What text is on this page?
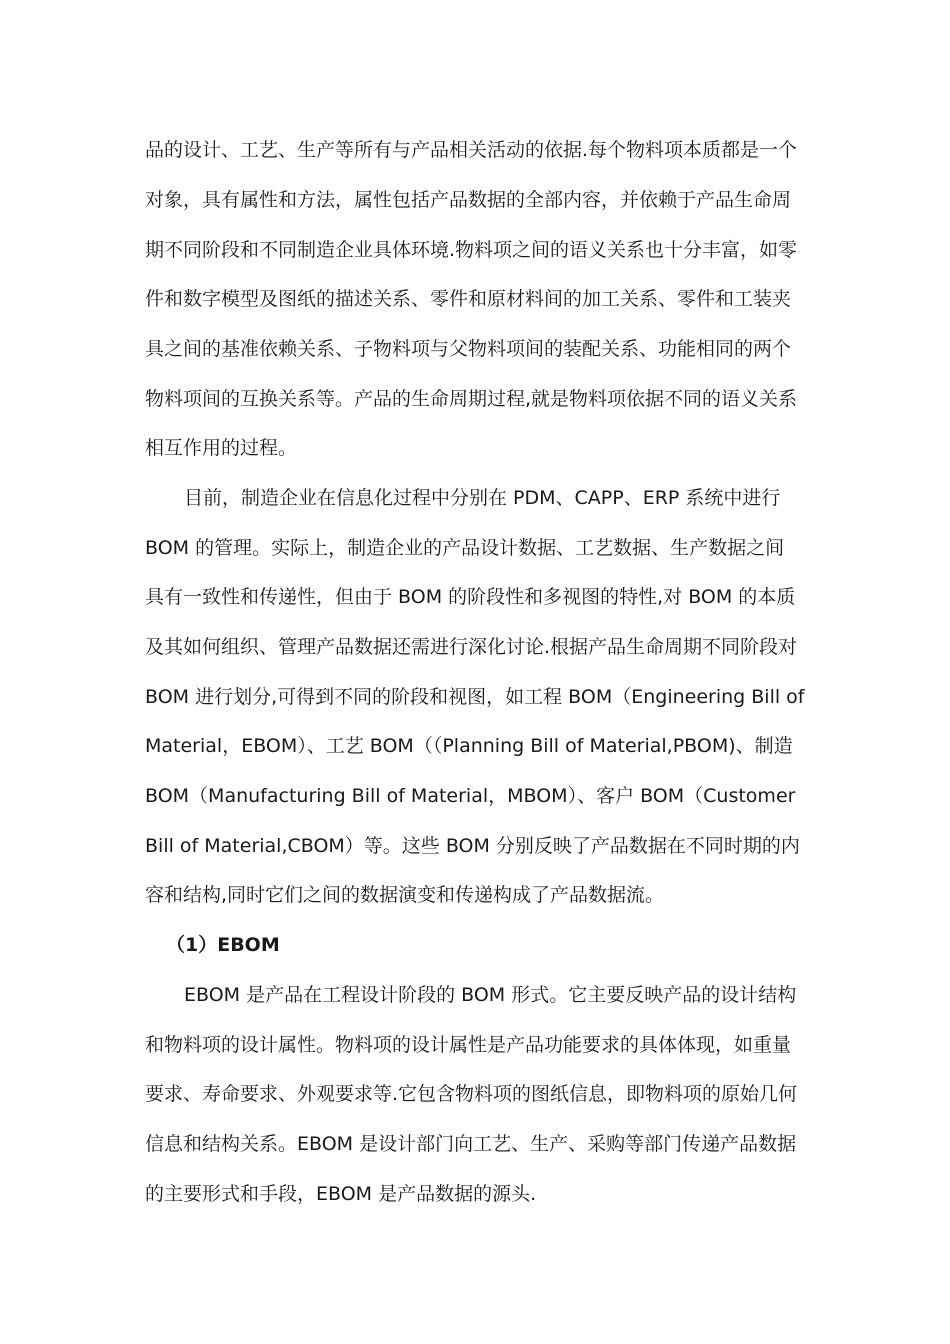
品的设计、工艺、生产等所有与产品相关活动的依据.每个物料项本质都是一个
对象，具有属性和方法，属性包括产品数据的全部内容，并依赖于产品生命周
期不同阶段和不同制造企业具体环境.物料项之间的语义关系也十分丰富，如零
件和数字模型及图纸的描述关系、零件和原材料间的加工关系、零件和工装夹
具之间的基准依赖关系、子物料项与父物料项间的装配关系、功能相同的两个
物料项间的互换关系等。产品的生命周期过程,就是物料项依据不同的语义关系
相互作用的过程。
目前，制造企业在信息化过程中分别在 PDM、CAPP、ERP 系统中进行
BOM 的管理。实际上，制造企业的产品设计数据、工艺数据、生产数据之间
具有一致性和传递性，但由于 BOM 的阶段性和多视图的特性,对 BOM 的本质
及其如何组织、管理产品数据还需进行深化讨论.根据产品生命周期不同阶段对
BOM 进行划分,可得到不同的阶段和视图，如工程 BOM（Engineering Bill of
Material，EBOM）、工艺 BOM（（Planning Bill of Material,PBOM)、制造
BOM（Manufacturing Bill of Material，MBOM）、客户 BOM（Customer
Bill of Material,CBOM）等。这些 BOM 分别反映了产品数据在不同时期的内
容和结构,同时它们之间的数据演变和传递构成了产品数据流。
（1）EBOM
EBOM 是产品在工程设计阶段的 BOM 形式。它主要反映产品的设计结构
和物料项的设计属性。物料项的设计属性是产品功能要求的具体体现，如重量
要求、寿命要求、外观要求等.它包含物料项的图纸信息，即物料项的原始几何
信息和结构关系。EBOM 是设计部门向工艺、生产、采购等部门传递产品数据
的主要形式和手段，EBOM 是产品数据的源头.
